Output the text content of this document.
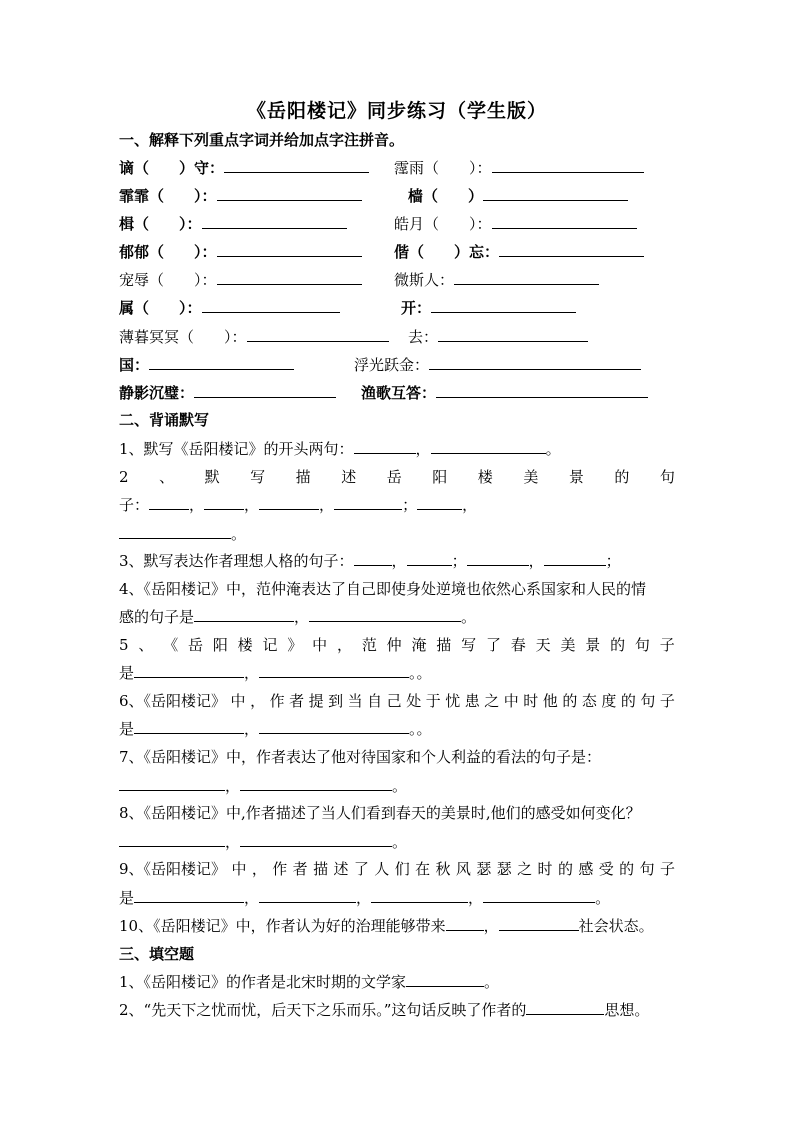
《岳阳楼记》同步练习（学生版）
一、解释下列重点字词并给加点字注拼音。
谪（　　）守：	霪雨（　　）：
霏霏（　　）：	樯（　　）
楫（　　）：	皓月（　　）：
郁郁（　　）：	偕（　　）忘：
宠辱（　　）：	微斯人：
属（　　）：	开：
薄暮冥冥（　　）：	去：
国：	浮光跃金：
静影沉璧：	渔歌互答：
二、背诵默写
1、默写《岳阳楼记》的开头两句：	，	。
2 、 默 写 描 述 岳 阳 楼 美 景 的 句
子：	，	，	，	；	，
。
3、默写表达作者理想人格的句子：	，	；	，	；
4、《岳阳楼记》中，范仲淹表达了自己即使身处逆境也依然心系国家和人民的情
感的句子是	，	。
5 、 《 岳 阳 楼 记 》 中 ， 范 仲 淹 描 写 了 春 天 美 景 的 句 子
是	，	。。
6、《岳阳楼记》 中 ， 作 者 提 到 当 自 己 处 于 忧 患 之 中 时 他 的 态 度 的 句 子
是	，	。。
7、《岳阳楼记》中，作者表达了他对待国家和个人利益的看法的句子是：
，	。
8、《岳阳楼记》中,作者描述了当人们看到春天的美景时,他们的感受如何变化？
，	。
9、《岳阳楼记》 中 ， 作 者 描 述 了 人 们 在 秋 风 瑟 瑟 之 时 的 感 受 的 句 子
是	，	，	，	。
10、《岳阳楼记》中，作者认为好的治理能够带来	，	社会状态。
三、填空题
1、《岳阳楼记》的作者是北宋时期的文学家	。
2、“先天下之忧而忧，后天下之乐而乐。”这句话反映了作者的	思想。
